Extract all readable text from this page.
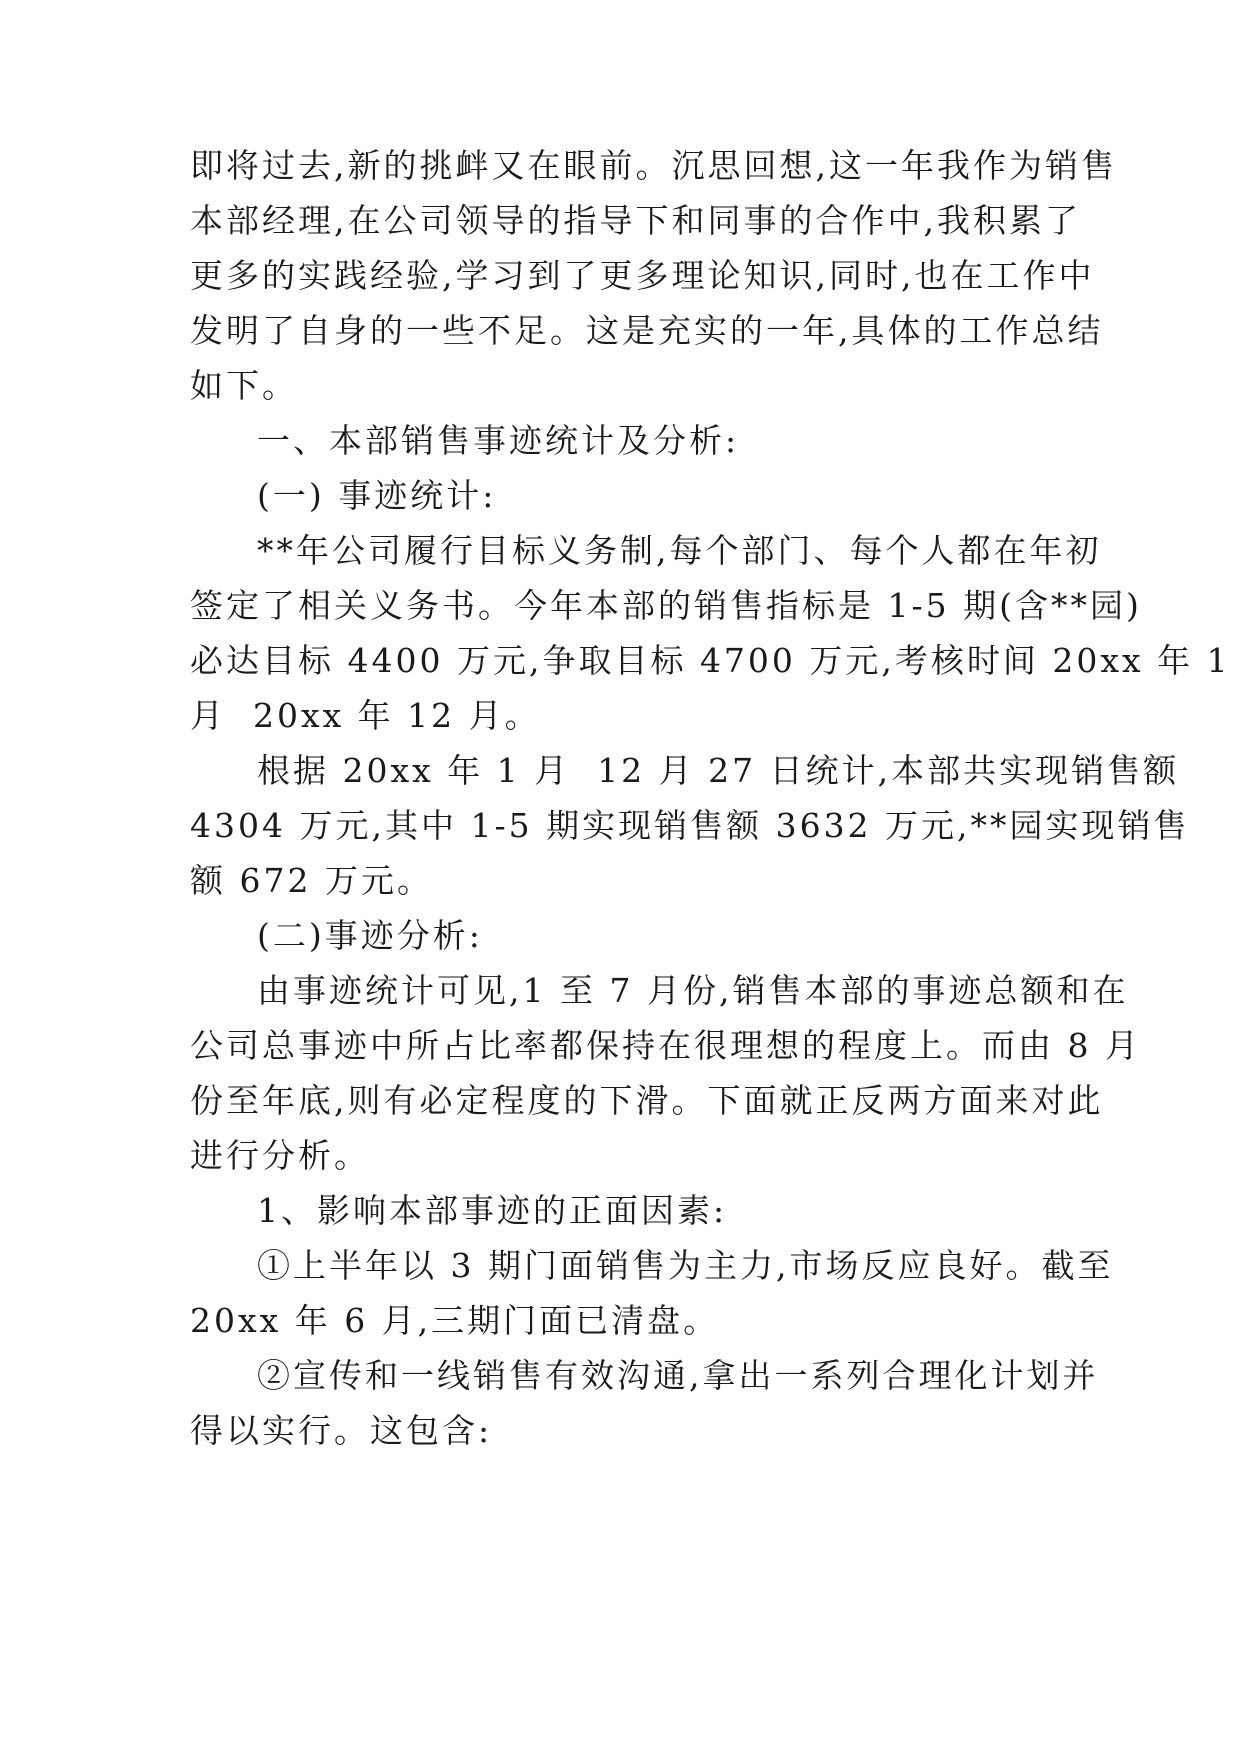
即将过去,新的挑衅又在眼前。沉思回想,这一年我作为销售
本部经理,在公司领导的指导下和同事的合作中,我积累了
更多的实践经验,学习到了更多理论知识,同时,也在工作中
发明了自身的一些不足。这是充实的一年,具体的工作总结
如下。
一、本部销售事迹统计及分析:
(一) 事迹统计:
**年公司履行目标义务制,每个部门、每个人都在年初
签定了相关义务书。今年本部的销售指标是 1-5 期(含**园)
必达目标 4400 万元,争取目标 4700 万元,考核时间 20xx 年 1
月  20xx 年 12 月。
根据 20xx 年 1 月  12 月 27 日统计,本部共实现销售额
4304 万元,其中 1-5 期实现销售额 3632 万元,**园实现销售
额 672 万元。
(二)事迹分析:
由事迹统计可见,1 至 7 月份,销售本部的事迹总额和在
公司总事迹中所占比率都保持在很理想的程度上。而由 8 月
份至年底,则有必定程度的下滑。下面就正反两方面来对此
进行分析。
1、影响本部事迹的正面因素:
①上半年以 3 期门面销售为主力,市场反应良好。截至
20xx 年 6 月,三期门面已清盘。
②宣传和一线销售有效沟通,拿出一系列合理化计划并
得以实行。这包含:
